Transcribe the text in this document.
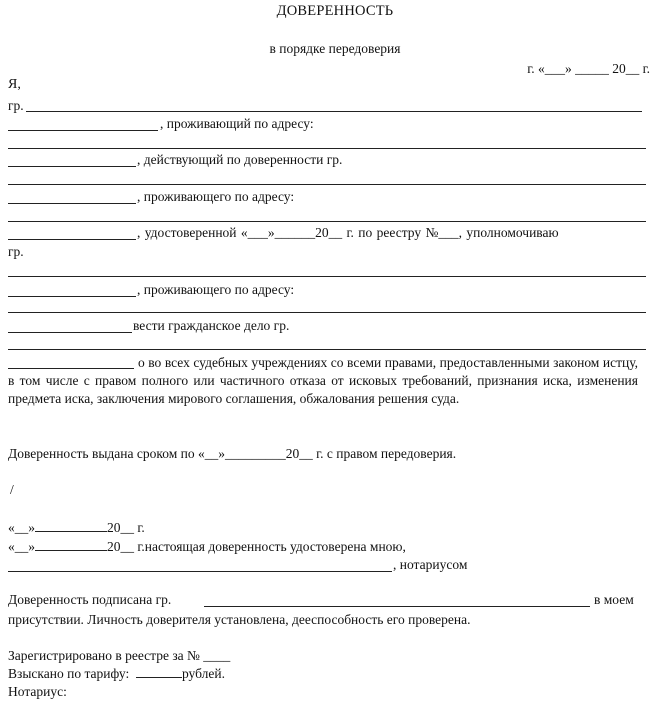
ДОВЕРЕННОСТЬ
в порядке передоверия
г. «___» _____ 20__ г.
Я,
гр.
, проживающий по адресу:
, действующий по доверенности гр.
, проживающего по адресу:
, удостоверенной «___»______20__ г. по реестру №___, уполномочиваю
гр.
, проживающего по адресу:
вести гражданское дело гр.
о во всех судебных учреждениях со всеми правами, предоставленными законом истцу, в том числе с правом полного или частичного отказа от исковых требований, признания иска, изменения предмета иска, заключения мирового соглашения, обжалования решения суда.
Доверенность выдана сроком по «__»_________20__ г. с правом передоверия.
/
«__»	20__ г.
«__»	20__ г.настоящая доверенность удостоверена мною,
, нотариусом
Доверенность подписана гр.	в моем
присутствии. Личность доверителя установлена, дееспособность его проверена.
Зарегистрировано в реестре за № ____
Взыскано по тарифу:	рублей.
Нотариус:
